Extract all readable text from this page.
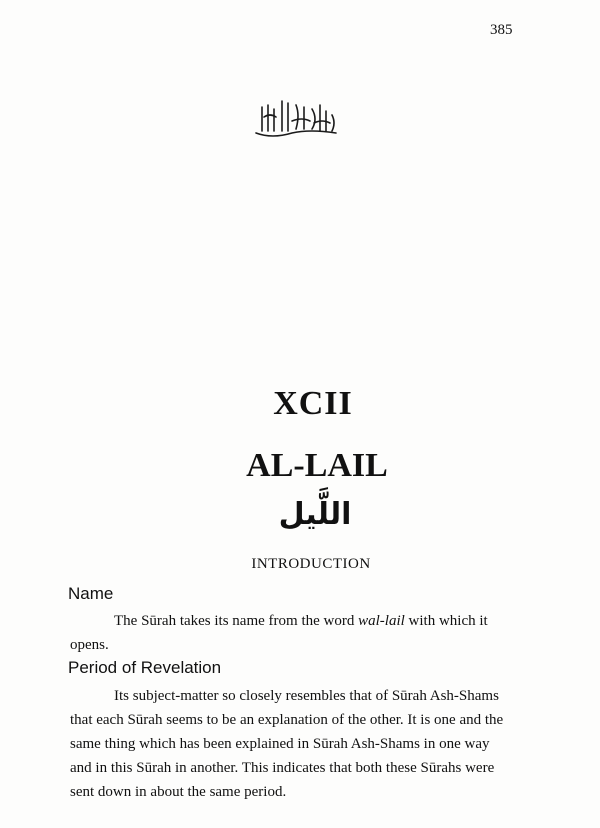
385
XCII
AL-LAIL
اللَّيل
INTRODUCTION
Name
The Sūrah takes its name from the word wal-lail with which it
opens.
Period of Revelation
Its subject-matter so closely resembles that of Sūrah Ash-Shams
that each Sūrah seems to be an explanation of the other. It is one and the
same thing which has been explained in Sūrah Ash-Shams in one way
and in this Sūrah in another. This indicates that both these Sūrahs were
sent down in about the same period.
